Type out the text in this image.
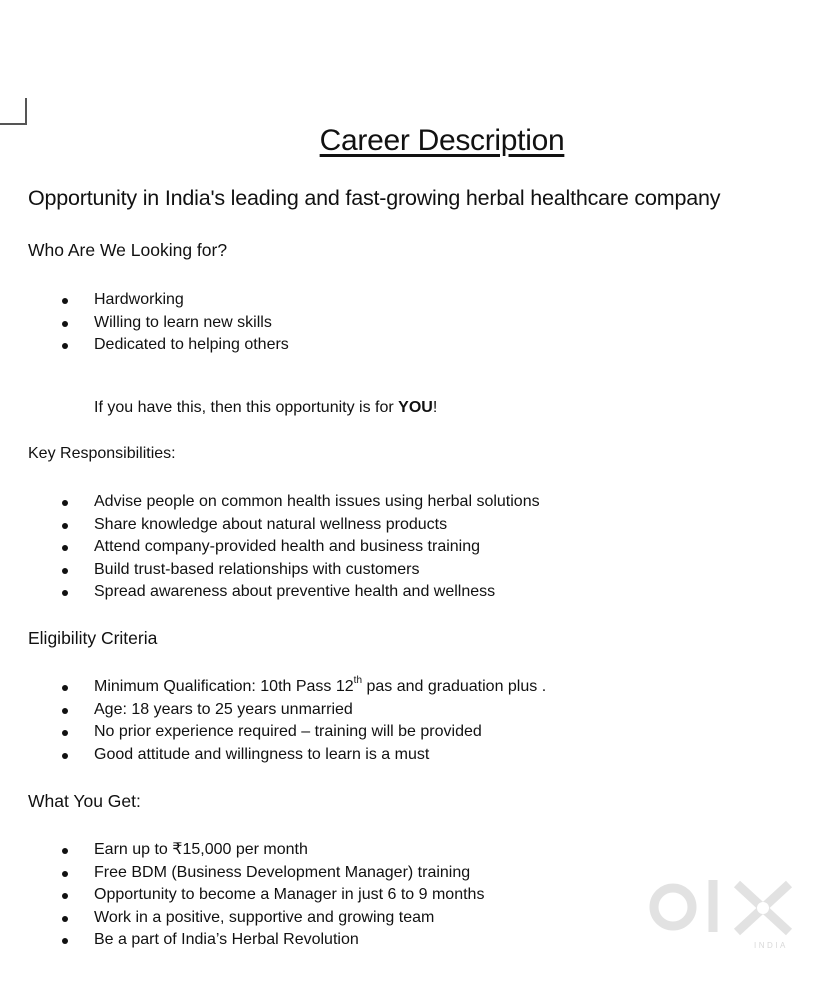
Career Description
Opportunity in India's leading and fast-growing herbal healthcare company
Who Are We Looking for?
Hardworking
Willing to learn new skills
Dedicated to helping others
If you have this, then this opportunity is for YOU!
Key Responsibilities:
Advise people on common health issues using herbal solutions
Share knowledge about natural wellness products
Attend company-provided health and business training
Build trust-based relationships with customers
Spread awareness about preventive health and wellness
Eligibility Criteria
Minimum Qualification: 10th Pass 12th pas and graduation plus .
Age: 18 years to 25 years unmarried
No prior experience required – training will be provided
Good attitude and willingness to learn is a must
What You Get:
Earn up to ₹15,000 per month
Free BDM (Business Development Manager) training
Opportunity to become a Manager in just 6 to 9 months
Work in a positive, supportive and growing team
Be a part of India’s Herbal Revolution	INDIA
